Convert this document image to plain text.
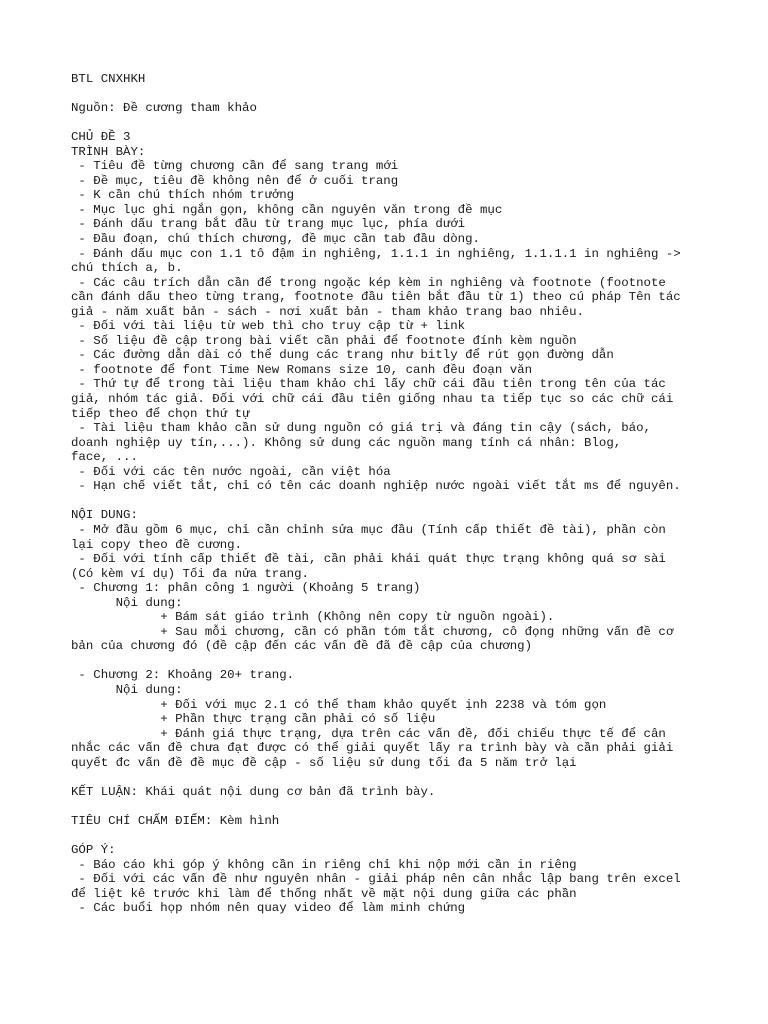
BTL CNXHKH
Nguồn: Đề cương tham khảo
CHỦ ĐỀ 3
TRÌNH BÀY:
- Tiêu đề từng chương cần để sang trang mới
- Đề mục, tiêu đề không nên để ở cuối trang
- K cần chú thích nhóm trưởng
- Mục lục ghi ngắn gọn, không cần nguyên văn trong đề mục
- Đánh dấu trang bắt đầu từ trang mục lục, phía dưới
- Đầu đoạn, chú thích chương, đề mục cần tab đầu dòng.
- Đánh dấu mục con 1.1 tô đậm in nghiêng, 1.1.1 in nghiêng, 1.1.1.1 in nghiêng ->
chú thích a, b.
- Các câu trích dẫn cần để trong ngoặc kép kèm in nghiêng và footnote (footnote
cần đánh dấu theo từng trang, footnote đầu tiên bắt đầu từ 1) theo cú pháp Tên tác
giả - năm xuất bản - sách - nơi xuất bản - tham khảo trang bao nhiêu.
- Đối với tài liệu từ web thì cho truy cập từ + link
- Số liệu đề cập trong bài viết cần phải để footnote đính kèm nguồn
- Các đường dẫn dài có thể dung các trang như bitly để rút gọn đường dẫn
- footnote để font Time New Romans size 10, canh đều đoạn văn
- Thứ tự để trong tài liệu tham khảo chỉ lấy chữ cái đầu tiên trong tên của tác
giả, nhóm tác giả. Đối với chữ cái đầu tiên giống nhau ta tiếp tục so các chữ cái
tiếp theo để chọn thứ tự
- Tài liệu tham khảo cần sử dung nguồn có giá trị và đáng tin cậy (sách, báo,
doanh nghiệp uy tín,...). Không sử dung các nguồn mang tính cá nhân: Blog,
face, ...
- Đối với các tên nước ngoài, cần việt hóa
- Hạn chế viết tắt, chỉ có tên các doanh nghiệp nước ngoài viết tắt ms để nguyên.
NỘI DUNG:
- Mở đầu gồm 6 mục, chỉ cần chỉnh sửa mục đầu (Tính cấp thiết đề tài), phần còn
lại copy theo đề cương.
- Đối với tính cấp thiết đề tài, cần phải khái quát thực trạng không quá sơ sài
(Có kèm ví dụ) Tối đa nửa trang.
- Chương 1: phân công 1 người (Khoảng 5 trang)
Nội dung:
+ Bám sát giáo trình (Không nên copy từ nguồn ngoài).
+ Sau mỗi chương, cần có phần tóm tắt chương, cô đọng những vấn đề cơ
bản của chương đó (đề cập đến các vấn đề đã đề cập của chương)
- Chương 2: Khoảng 20+ trang.
Nội dung:
+ Đối với mục 2.1 có thể tham khảo quyết ịnh 2238 và tóm gọn
+ Phần thực trạng cần phải có số liệu
+ Đánh giá thực trạng, dựa trên các vấn đề, đối chiếu thực tế để cân
nhắc các vấn đề chưa đạt được có thể giải quyết lấy ra trình bày và cần phải giải
quyết đc vấn đề đề mục đề cập - số liệu sử dung tối đa 5 năm trở lại
KẾT LUẬN: Khái quát nội dung cơ bản đã trình bày.
TIÊU CHÍ CHẤM ĐIỂM: Kèm hình
GÓP Ý:
- Báo cáo khi góp ý không cần in riêng chỉ khi nộp mới cần in riêng
- Đối với các vấn đề như nguyên nhân - giải pháp nên cân nhắc lập bang trên excel
để liệt kê trước khi làm để thống nhất về mặt nội dung giữa các phần
- Các buổi họp nhóm nên quay video để làm minh chứng
